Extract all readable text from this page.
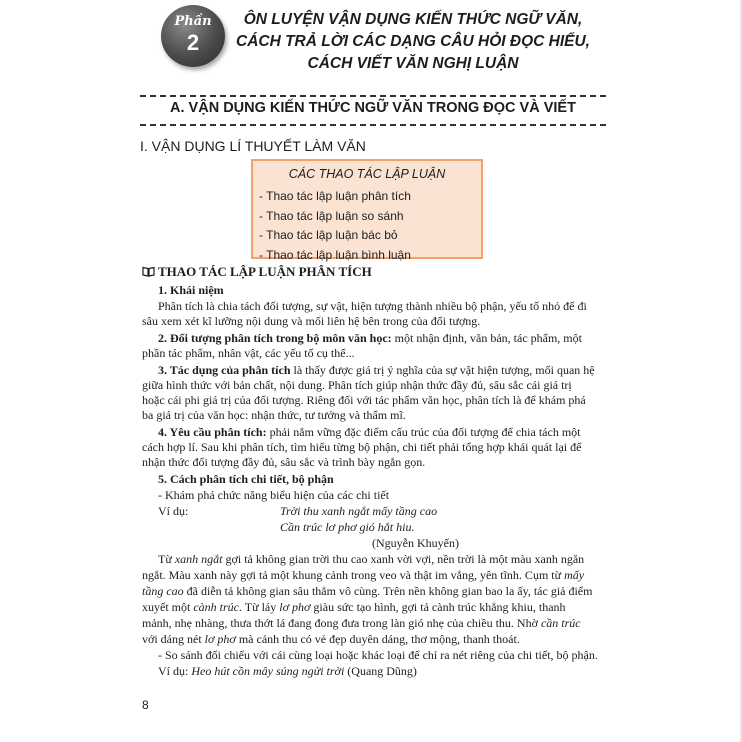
Phần
2
ÔN LUYỆN VẬN DỤNG KIẾN THỨC NGỮ VĂN,
CÁCH TRẢ LỜI CÁC DẠNG CÂU HỎI ĐỌC HIỂU,
CÁCH VIẾT VĂN NGHỊ LUẬN
A. VẬN DỤNG KIẾN THỨC NGỮ VĂN TRONG ĐỌC VÀ VIẾT
I. VẬN DỤNG LÍ THUYẾT LÀM VĂN
CÁC THAO TÁC LẬP LUẬN
- Thao tác lập luận phân tích
- Thao tác lập luận so sánh
- Thao tác lập luận bác bỏ
- Thao tác lập luận bình luận
THAO TÁC LẬP LUẬN PHÂN TÍCH
1. Khái niệm
Phân tích là chia tách đối tượng, sự vật, hiện tượng thành nhiều bộ phận, yếu tố nhỏ để đi
sâu xem xét kĩ lưỡng nội dung và mối liên hệ bên trong của đối tượng.
2. Đối tượng phân tích trong bộ môn văn học: một nhận định, văn bản, tác phẩm, một
phần tác phẩm, nhân vật, các yếu tố cụ thể...
3. Tác dụng của phân tích là thấy được giá trị ý nghĩa của sự vật hiện tượng, mối quan hệ
giữa hình thức với bản chất, nội dung. Phân tích giúp nhận thức đầy đủ, sâu sắc cái giá trị
hoặc cái phi giá trị của đối tượng. Riêng đối với tác phẩm văn học, phân tích là để khám phá
ba giá trị của văn học: nhận thức, tư tưởng và thẩm mĩ.
4. Yêu cầu phân tích: phải nắm vững đặc điểm cấu trúc của đối tượng để chia tách một
cách hợp lí. Sau khi phân tích, tìm hiểu từng bộ phận, chi tiết phải tổng hợp khái quát lại để
nhận thức đối tượng đầy đủ, sâu sắc và trình bày ngắn gọn.
5. Cách phân tích chi tiết, bộ phận
- Khám phá chức năng biểu hiện của các chi tiết
Ví dụ:	Trời thu xanh ngắt mấy tầng cao
Cần trúc lơ phơ gió hắt hiu.
(Nguyễn Khuyến)
Từ xanh ngắt gợi tả không gian trời thu cao xanh vời vợi, nền trời là một màu xanh ngăn
ngắt. Màu xanh này gợi tả một khung cảnh trong veo và thật im vắng, yên tĩnh. Cụm từ mấy
tầng cao đã diễn tả không gian sâu thẳm vô cùng. Trên nền không gian bao la ấy, tác giả điểm
xuyết một cành trúc. Từ láy lơ phơ giàu sức tạo hình, gợi tả cành trúc khẳng khiu, thanh
mảnh, nhẹ nhàng, thưa thớt lá đang đong đưa trong làn gió nhẹ của chiều thu. Nhờ cần trúc
với dáng nét lơ phơ mà cảnh thu có vẻ đẹp duyên dáng, thơ mộng, thanh thoát.
- So sánh đối chiếu với cái cùng loại hoặc khác loại để chỉ ra nét riêng của chi tiết, bộ phận.
Ví dụ: Heo hút cồn mây súng ngửi trời (Quang Dũng)
8
